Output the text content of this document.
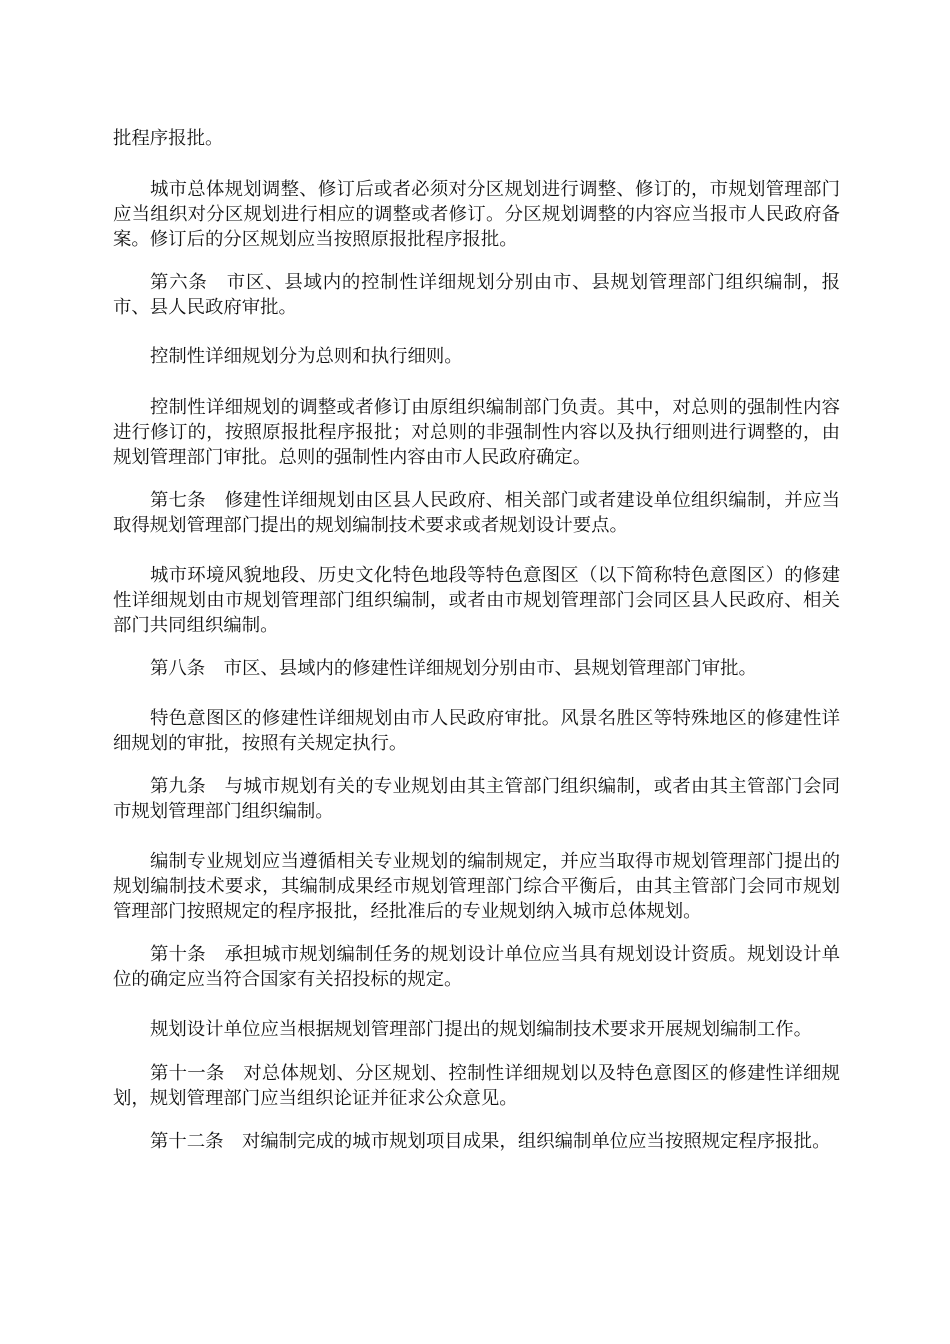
批程序报批。

城市总体规划调整、修订后或者必须对分区规划进行调整、修订的，市规划管理部门应当组织对分区规划进行相应的调整或者修订。分区规划调整的内容应当报市人民政府备案。修订后的分区规划应当按照原报批程序报批。

第六条　市区、县域内的控制性详细规划分别由市、县规划管理部门组织编制，报市、县人民政府审批。

控制性详细规划分为总则和执行细则。

控制性详细规划的调整或者修订由原组织编制部门负责。其中，对总则的强制性内容进行修订的，按照原报批程序报批；对总则的非强制性内容以及执行细则进行调整的，由规划管理部门审批。总则的强制性内容由市人民政府确定。

第七条　修建性详细规划由区县人民政府、相关部门或者建设单位组织编制，并应当取得规划管理部门提出的规划编制技术要求或者规划设计要点。

城市环境风貌地段、历史文化特色地段等特色意图区（以下简称特色意图区）的修建性详细规划由市规划管理部门组织编制，或者由市规划管理部门会同区县人民政府、相关部门共同组织编制。

第八条　市区、县域内的修建性详细规划分别由市、县规划管理部门审批。

特色意图区的修建性详细规划由市人民政府审批。风景名胜区等特殊地区的修建性详细规划的审批，按照有关规定执行。

第九条　与城市规划有关的专业规划由其主管部门组织编制，或者由其主管部门会同市规划管理部门组织编制。

编制专业规划应当遵循相关专业规划的编制规定，并应当取得市规划管理部门提出的规划编制技术要求，其编制成果经市规划管理部门综合平衡后，由其主管部门会同市规划管理部门按照规定的程序报批，经批准后的专业规划纳入城市总体规划。

第十条　承担城市规划编制任务的规划设计单位应当具有规划设计资质。规划设计单位的确定应当符合国家有关招投标的规定。

规划设计单位应当根据规划管理部门提出的规划编制技术要求开展规划编制工作。

第十一条　对总体规划、分区规划、控制性详细规划以及特色意图区的修建性详细规划，规划管理部门应当组织论证并征求公众意见。

第十二条　对编制完成的城市规划项目成果，组织编制单位应当按照规定程序报批。
